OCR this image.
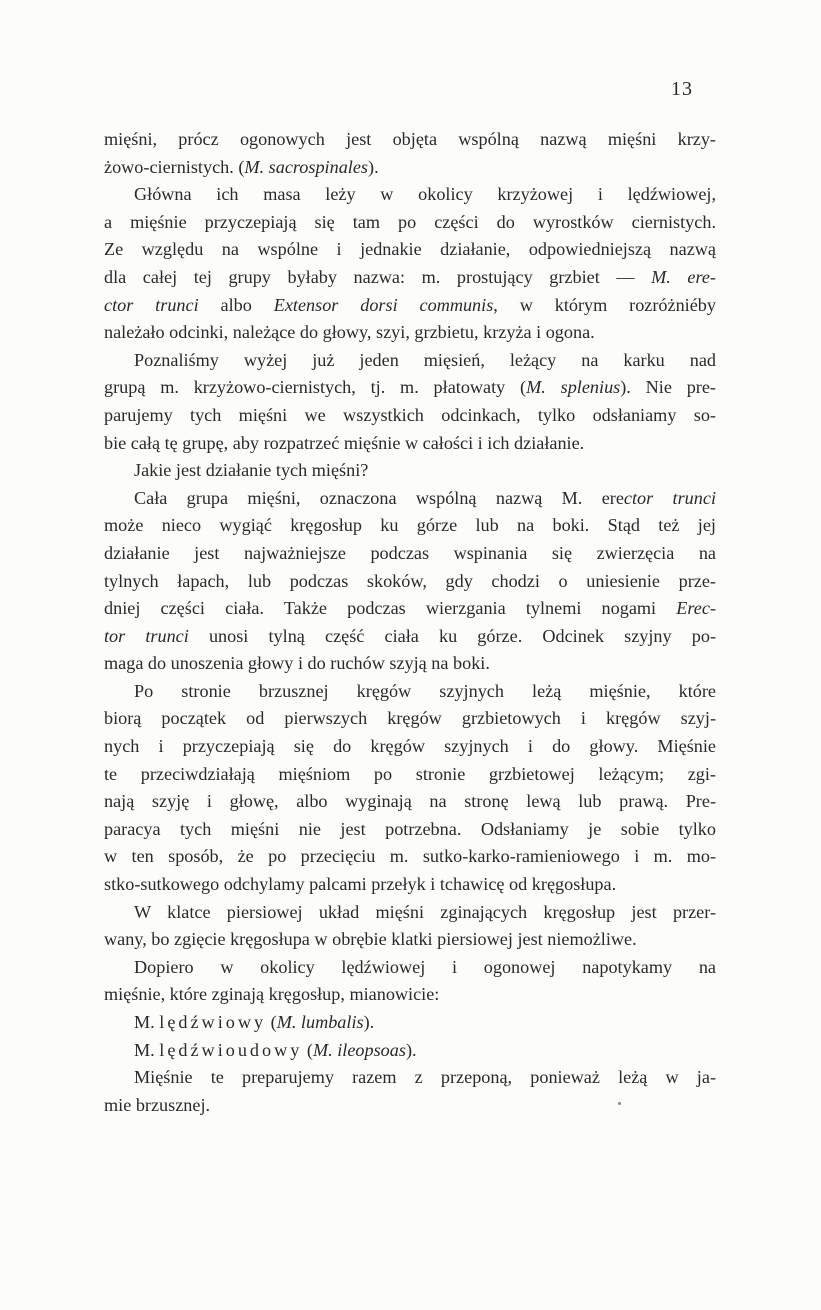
13
mięśni, prócz ogonowych jest objęta wspólną nazwą mięśni krzy-
żowo-ciernistych. (M. sacrospinales).
Główna ich masa leży w okolicy krzyżowej i lędźwiowej,
a mięśnie przyczepiają się tam po części do wyrostków ciernistych.
Ze względu na wspólne i jednakie działanie, odpowiedniejszą nazwą
dla całej tej grupy byłaby nazwa: m. prostujący grzbiet — M. ere-
ctor trunci albo Extensor dorsi communis, w którym rozróżniéby
należało odcinki, należące do głowy, szyi, grzbietu, krzyża i ogona.
Poznaliśmy wyżej już jeden mięsień, leżący na karku nad
grupą m. krzyżowo-ciernistych, tj. m. płatowaty (M. splenius). Nie pre-
parujemy tych mięśni we wszystkich odcinkach, tylko odsłaniamy so-
bie całą tę grupę, aby rozpatrzeć mięśnie w całości i ich działanie.
Jakie jest działanie tych mięśni?
Cała grupa mięśni, oznaczona wspólną nazwą M. erector trunci
może nieco wygiąć kręgosłup ku górze lub na boki. Stąd też jej
działanie jest najważniejsze podczas wspinania się zwierzęcia na
tylnych łapach, lub podczas skoków, gdy chodzi o uniesienie prze-
dniej części ciała. Także podczas wierzgania tylnemi nogami Erec-
tor trunci unosi tylną część ciała ku górze. Odcinek szyjny po-
maga do unoszenia głowy i do ruchów szyją na boki.
Po stronie brzusznej kręgów szyjnych leżą mięśnie, które
biorą początek od pierwszych kręgów grzbietowych i kręgów szyj-
nych i przyczepiają się do kręgów szyjnych i do głowy. Mięśnie
te przeciwdziałają mięśniom po stronie grzbietowej leżącym; zgi-
nają szyję i głowę, albo wyginają na stronę lewą lub prawą. Pre-
paracya tych mięśni nie jest potrzebna. Odsłaniamy je sobie tylko
w ten sposób, że po przecięciu m. sutko-karko-ramieniowego i m. mo-
stko-sutkowego odchylamy palcami przełyk i tchawicę od kręgosłupa.
W klatce piersiowej układ mięśni zginających kręgosłup jest przer-
wany, bo zgięcie kręgosłupa w obrębie klatki piersiowej jest niemożliwe.
Dopiero w okolicy lędźwiowej i ogonowej napotykamy na
mięśnie, które zginają kręgosłup, mianowicie:
M. lędźwiowy (M. lumbalis).
M. lędźwioudowy (M. ileopsoas).
Mięśnie te preparujemy razem z przeponą, ponieważ leżą w ja-
mie brzusznej.
